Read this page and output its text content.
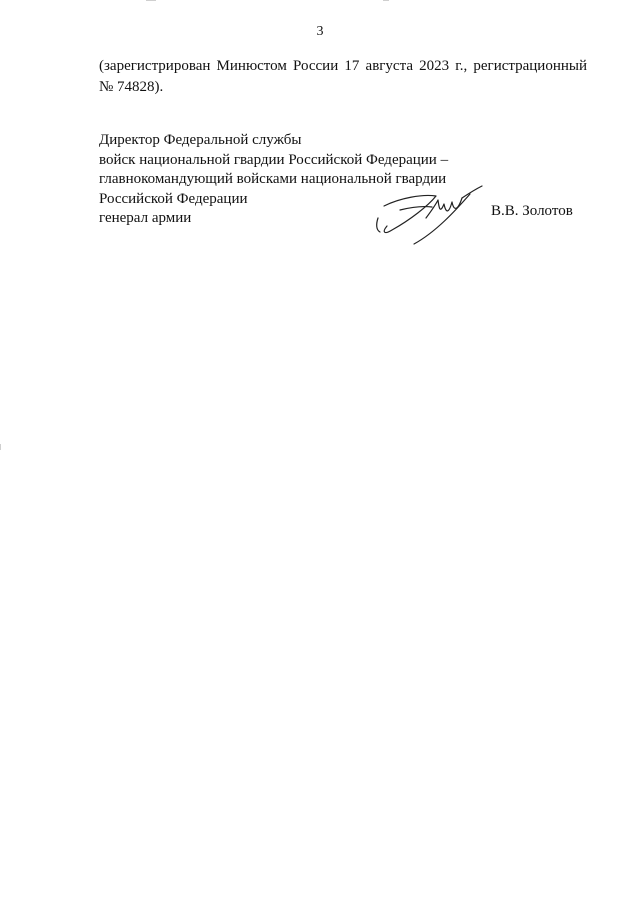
3
(зарегистрирован Минюстом России 17 августа 2023 г., регистрационный № 74828).
Директор Федеральной службы
войск национальной гвардии Российской Федерации –
главнокомандующий войсками национальной гвардии
Российской Федерации
генерал армии	В.В. Золотов
